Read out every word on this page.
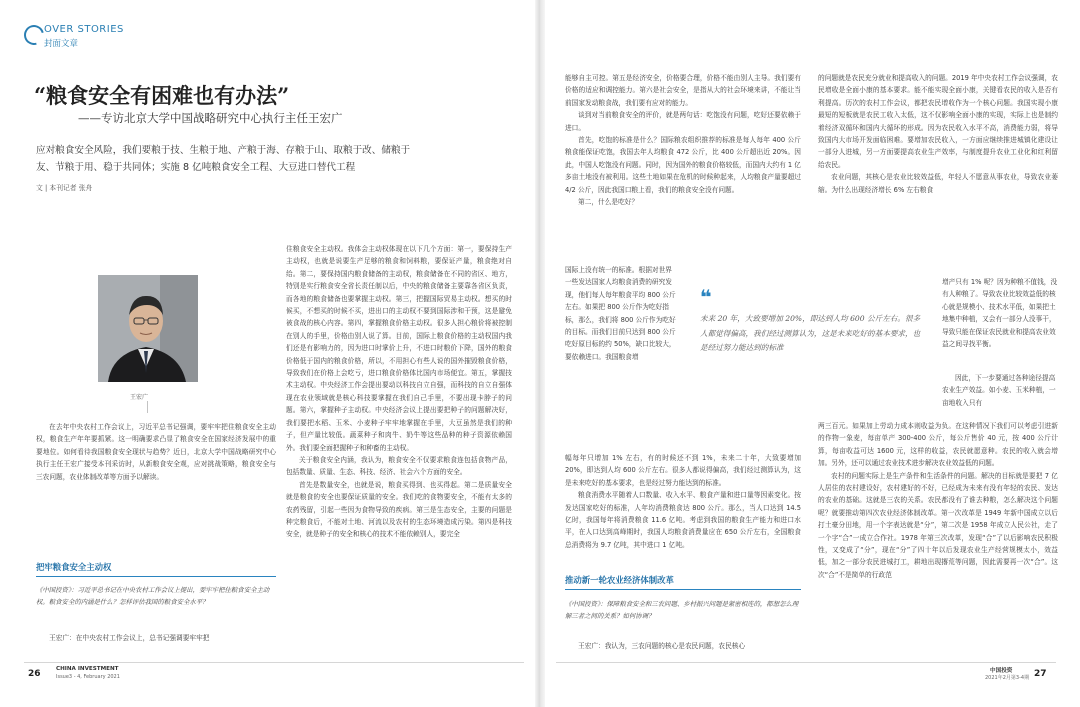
OVER STORIES
封面文章
“粮食安全有困难也有办法”
——专访北京大学中国战略研究中心执行主任王宏广
应对粮食安全风险，我们要粮于技、生粮于地、产粮于海、存粮于山、取粮于改、储粮于友、节粮于用、稳于共同体；实施 8 亿吨粮食安全工程、大豆进口替代工程
文 | 本刊记者 张舟
王宏广

在去年中央农村工作会议上，习近平总书记强调，要牢牢把住粮食安全主动权，粮食生产年年要抓紧。这一明确要求凸显了粮食安全在国家经济发展中的重要地位。如何看待我国粮食安全现状与趋势？近日，北京大学中国战略研究中心执行主任王宏广接受本刊采访时，从新粮食安全观，应对挑战策略，粮食安全与三农问题，农业体制改革等方面予以解读。

把牢粮食安全主动权
《中国投资》：习近平总书记在中央农村工作会议上提出，要牢牢把住粮食安全主动权。粮食安全的内涵是什么？怎样评估我国的粮食安全水平？

王宏广：在中央农村工作会议上，总书记强调要牢牢把

住粮食安全主动权。我体会主动权体现在以下几个方面：第一，要保持生产主动权，也就是说要生产足够的粮食和饲料粮，要保证产量，粮食绝对自给。第二，要保持国内粮食储备的主动权，粮食储备在不同的省区、地方，特别是实行粮食安全省长责任制以后，中央的粮食储备主要靠各省区负责，而各地的粮食储备也要掌握主动权。第三，把握国际贸易主动权。想买的时候买，不想买的时候不买，进出口的主动权不要到国际涉和干预，这是避免被食战的核心内容。第四，掌握粮食价格主动权。很多人担心粮价将被控制在别人的手里，价格由别人说了算。目前，国际上粮食价格的主动权国内我们还是有影响力的，因为进口时掌价上升，不进口时粮价下降，国外的粮食价格低于国内的粮食价格，所以，不用担心有些人说的国外摧毁粮食价格，导致我们在价格上会吃亏，进口粮食价格体比国内市场便宜。第五，掌握技术主动权。中央经济工作会提出要动以科技自立自强，而科技的自立自强体现在农业领域就是核心科技要掌握在我们自己手里，不要出现卡脖子的问题。第六，掌握种子主动权。中央经济会议上提出要把种子的问题解决好，我们要把水稻、玉米、小麦种子牢牢地掌握在手里，大豆虽然是我们的种子，但产量比较低。蔬菜种子和肉牛、奶牛等这些品种的种子资源依赖国外。我们要全面把握种子和种畜的主动权。

关于粮食安全内涵，我认为，粮食安全不仅要求粮食连包括食物产品，包括数量、质量、生态、科技、经济、社会六个方面的安全。

首先是数量安全，也就是说，粮食买得到、也买得起。第二是质量安全就是粮食的安全也要保证质量的安全。我们吃的食物要安全，不能有太多的农药残留，引起一些因为食物导致的疾病。第三是生态安全，主要的问题是种完粮食后，不能对土地、河流以及农村的生态环境造成污染。第四是科技安全，就是种子的安全和核心的技术不能依赖别人，要完全

26	CHINA INVESTMENT
Issue3 - 4, February 2021

能够自主可控。第五是经济安全，价格要合理，价格不能由别人主导。我们要有价格的适应和调控能力。第六是社会安全，是指从大的社会环境来讲，不能让当前国家发动粮食战，我们要有应对的能力。

谈到对当前粮食安全的评价，就是两句话：吃饱没有问题，吃好还要依赖于进口。

首先，吃饱的标准是什么？国际粮农组织推荐的标准是每人每年 400 公斤粮食能保证吃饱，我国去年人均粮食 472 公斤，比 400 公斤超出近 20%。因此，中国人吃饱没有问题。同时，因为国外的粮食价格较低，而国内大约有 1 亿多亩土地没有被利用。这些土地如果在危机的时候种起来，人均粮食产量要超过 4/2 公斤，因此我国口粮上看，我们的粮食安全没有问题。

第二，什么是吃好？

国际上没有统一的标准。根据对世界一些发达国家人均粮食消费的研究发现，他们每人每年粮食平均 800 公斤左右。如果把 800 公斤作为吃好指标，那么，我们将 800 公斤作为吃好的目标。而我们目前只达到 800 公斤吃好原目标的约 50%，缺口比较大，要依赖进口。我国粮食增

❝
未来 20 年，大致要增加 20%，即达到人均 600 公斤左右。很多人都觉得偏高，我们经过测算认为，这是未来吃好的基本要求，也是经过努力能达到的标准

幅每年只增加 1% 左右，有的时候还不到 1%，未来二十年，大致要增加 20%，即达到人均 600 公斤左右。很多人都说得偏高，我们经过测算认为，这是未来吃好的基本要求，也是经过努力能达到的标准。

粮食消费水平随着人口数量、收入水平、粮食产量和进口量等因素变化。按发达国家吃好的标准，人年均消费粮食达 800 公斤。那么，当人口达到 14.5 亿时，我国每年将消费粮食 11.6 亿吨。考虑到我国的粮食生产能力和进口水平，在人口达到高峰期时，我国人均粮食消费量应在 650 公斤左右，全国粮食总消费将为 9.7 亿吨，其中进口 1 亿吨。

推动新一轮农业经济体制改革
《中国投资》：保障粮食安全和三农问题、乡村振兴问题是紧密相连的，都想怎么理解三者之间的关系？如何协调？

王宏广：我认为，三农问题的核心是农民问题，农民核心

的问题就是农民充分就业和提高收入的问题。2019 年中央农村工作会议强调，农民增收是全面小康的基本要求。能不能实现全面小康，关键看农民的收入是否有利提高。历次的农村工作会议，都把农民增收作为一个核心问题。我国实现小康最短的短板就是农民工收入太低，这不仅影响全面小康的实现，实际上也是制约着经济双循环和国内大循环的形成。因为农民收入水平不高，消费能力弱，将导致国内大市场开发面临困难。要增加农民收入，一方面应继续推进城镇化建设让一部分人进城，另一方面要提高农业生产效率，与制度提升农业工业化和红利留给农民。

农业问题，其核心是农业比较效益低，年轻人不愿意从事农业，导致农业萎缩。为什么出现经济增长 6% 左右粮食

增产只有 1% 呢？因为种粮不值钱，没有人种粮了。导致农业比较效益低的核心就是规模小、技术水平低，如果把土地集中种植，又会有一部分人没事干，导致只能在保证农民就业和提高农业效益之间寻找平衡。

因此，下一步要通过各种途径提高农业生产效益。如小麦、玉米种植，一亩地收入只有

两三百元。如果加上劳动力成本则收益为负。在这种情况下我们可以考虑引进新的作物一象麦，每亩单产 300-400 公斤，每公斤售价 40 元，按 400 公斤计算，每亩收益可达 1600 元，这样的收益，农民就愿意种。农民的收入就会增加。另外，还可以通过农业技术进步解决农业效益低的问题。

农村的问题实际上是生产条件和生活条件的问题。解决的目标就是要把 7 亿人居住的农村建设好，农村建好的不好，已经成为未来有没有年轻的农民、发达的农业的基础。这就是三农的关系。农民都没有了谁去种粮，怎么解决这个问题呢？就要推动第四次农业经济体制改革。第一次改革是 1949 年新中国成立以后打土豪分田地，用一个字表达就是“分”，第二次是 1958 年成立人民公社，走了一个字“合”一成立合作社。1978 年第三次改革，发现“合”了以后影响农民积极性，又变成了“分”，现在“分”了四十年以后发现农业生产经营规模太小，效益低，加之一部分农民进城打工，耕地出现撂荒等问题，因此需要再一次“合”。这次“合”不是简单的行政范

中国投资
2021年2月第3-4期 27
